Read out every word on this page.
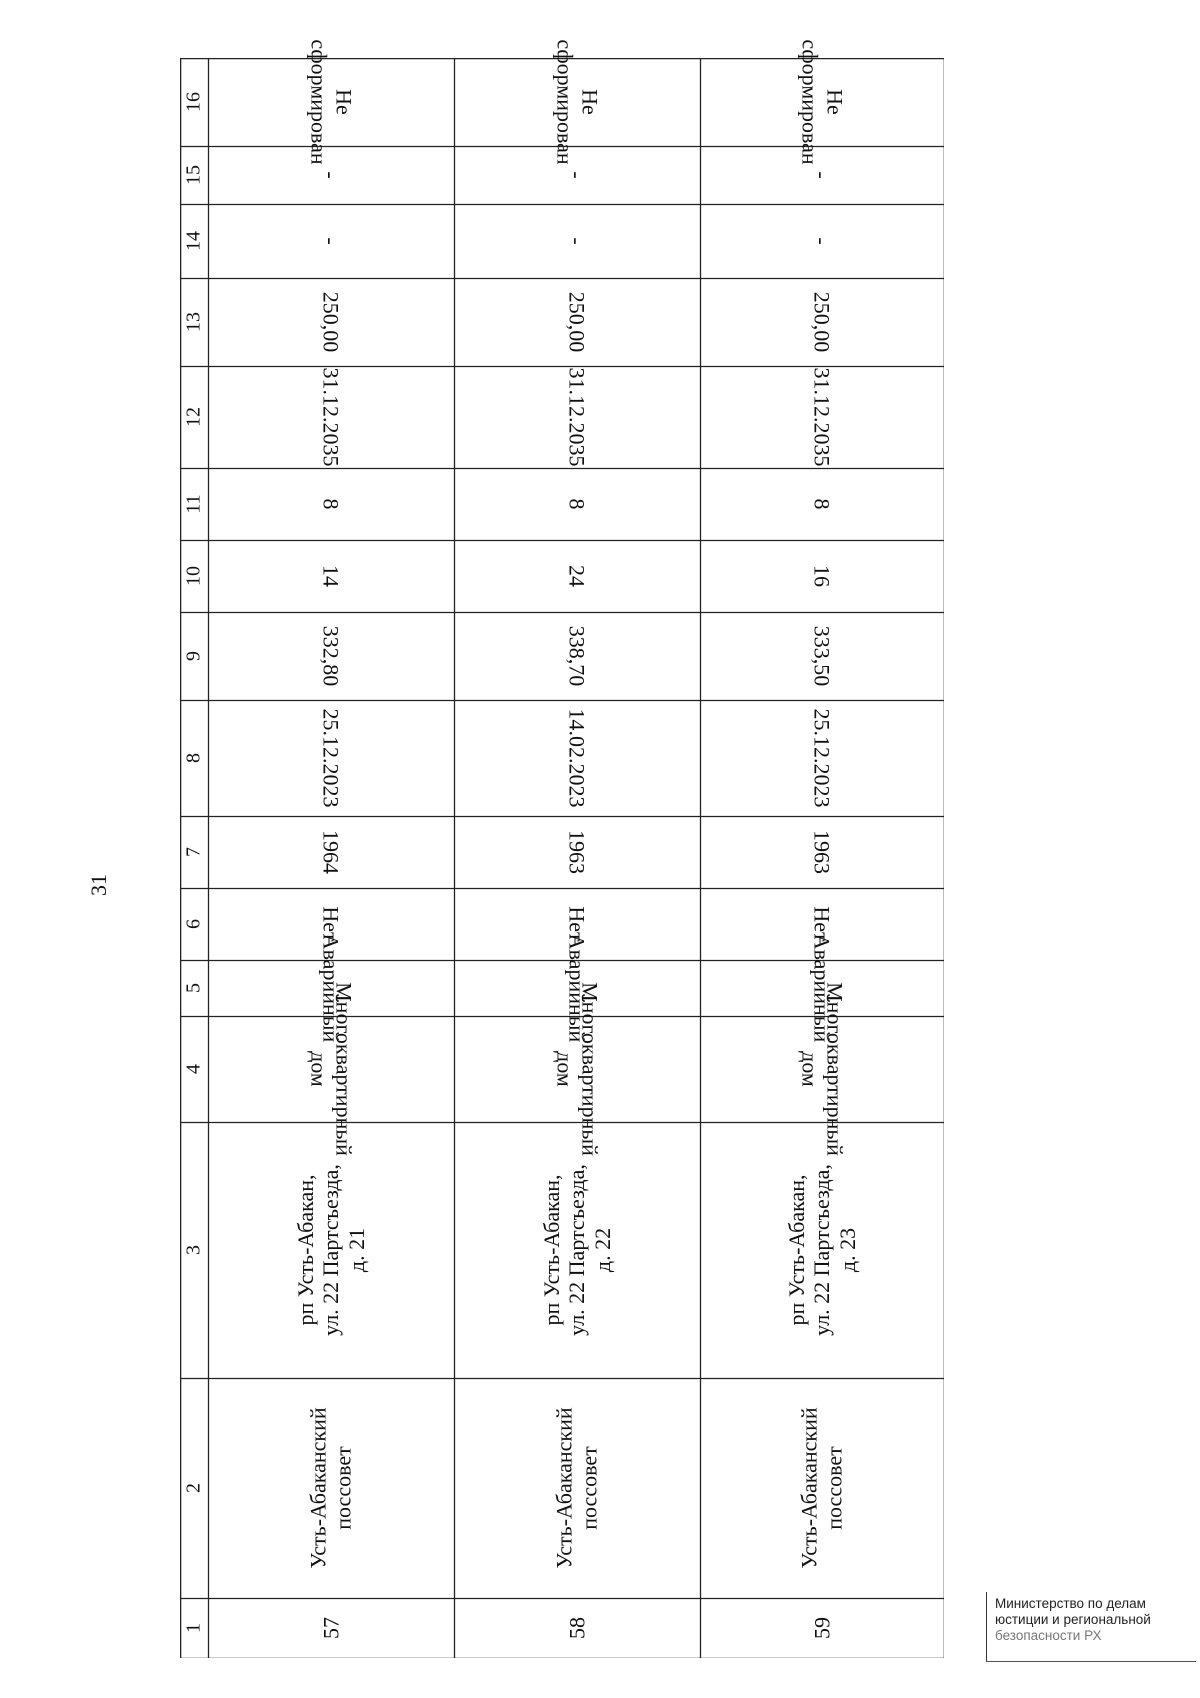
31
16
15
14
13
12
11
10
9
8
7
6
5
4
3
2
1
Не сформирован
-
-
250,00
31.12.2035
8
14
332,80
25.12.2023
1964
Нет
Аварийный
Многоквартирный
дом
рп Усть-Абакан,
ул. 22 Партсъезда,
д. 21
Усть-Абаканский
поссовет
57
Не сформирован
-
-
250,00
31.12.2035
8
24
338,70
14.02.2023
1963
Нет
Аварийный
Многоквартирный
дом
рп Усть-Абакан,
ул. 22 Партсъезда,
д. 22
Усть-Абаканский
поссовет
58
Не сформирован
-
-
250,00
31.12.2035
8
16
333,50
25.12.2023
1963
Нет
Аварийный
Многоквартирный
дом
рп Усть-Абакан,
ул. 22 Партсъезда,
д. 23
Усть-Абаканский
поссовет
59
Министерство по делам
юстиции и региональной
безопасности РХ
